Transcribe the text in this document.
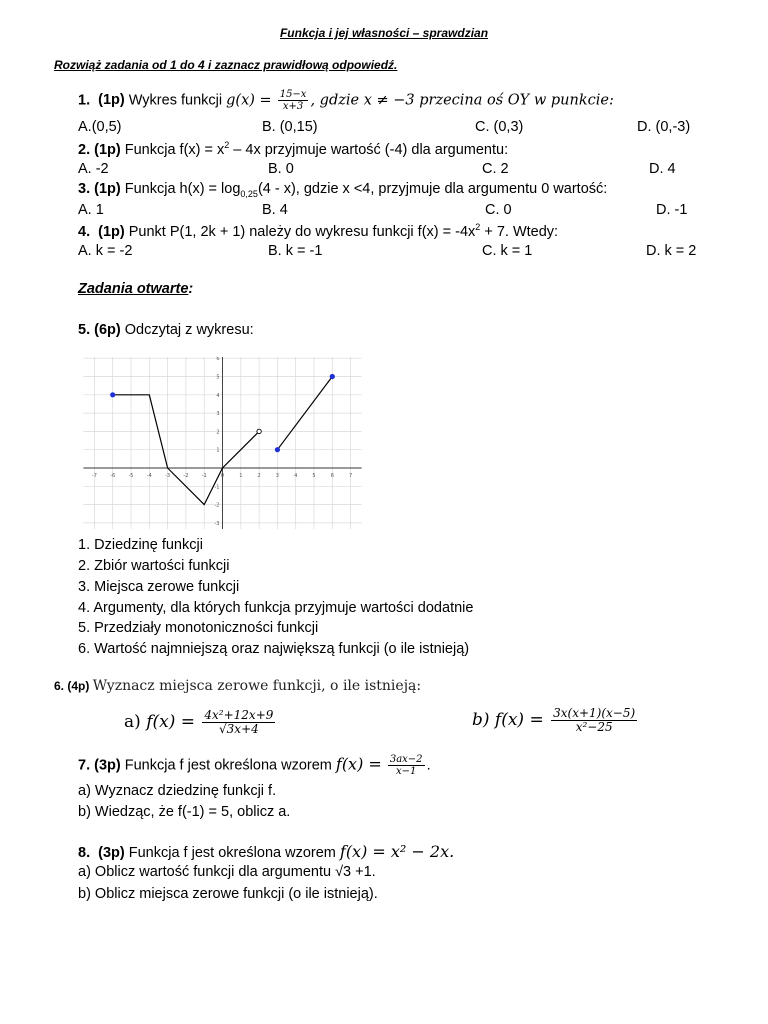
Funkcja i jej własności – sprawdzian
Rozwiąż zadania od 1 do 4 i zaznacz prawidłową odpowiedź.
1. (1p) Wykres funkcji $g(x) = \frac{15-x}{x+3}$ , gdzie x ≠ −3 przecina oś OY w punkcie:
A.(0,5)	B. (0,15)	C. (0,3)	D. (0,-3)
2. (1p) Funkcja $f(x) = x^2 - 4x$ przyjmuje wartość (-4) dla argumentu:
A. -2	B. 0	C. 2	D. 4
3. (1p) Funkcja $h(x) = \log_{0,25}(4 - x)$, gdzie x <4, przyjmuje dla argumentu 0 wartość:
A. 1	B. 4	C. 0	D. -1
4. (1p) Punkt P(1, 2k + 1) należy do wykresu funkcji $f(x) = -4x^2 + 7$. Wtedy:
A. k = -2	B. k = -1	C. k = 1	D. k = 2
Zadania otwarte:
5. (6p) Odczytaj z wykresu:
-7	-6	-5	-4	-3	-2	-1	0	1	2	3	4	5	6	7
6
5
4
3
2
1
-1
-2
-3
1. Dziedzinę funkcji
2. Zbiór wartości funkcji
3. Miejsca zerowe funkcji
4. Argumenty, dla których funkcja przyjmuje wartości dodatnie
5. Przedziały monotoniczności funkcji
6. Wartość najmniejszą oraz największą funkcji (o ile istnieją)
6. (4p) Wyznacz miejsca zerowe funkcji, o ile istnieją:
a) $f(x) = \frac{\text{4x²+12x+9}}{√3x+4}$	b) $f(x) = \frac{3x(x+1)(x-5)}{\text{x²−25}}$
7. (3p) Funkcja f jest określona wzorem $f(x) = \frac{3ax-2}{x-1}$ .
a) Wyznacz dziedzinę funkcji f.
b) Wiedząc, że f(-1) = 5, oblicz a.
8. (3p) Funkcja f jest określona wzorem f(x) = x² − 2x.
a) Oblicz wartość funkcji dla argumentu √3 +1.
b) Oblicz miejsca zerowe funkcji (o ile istnieją).
